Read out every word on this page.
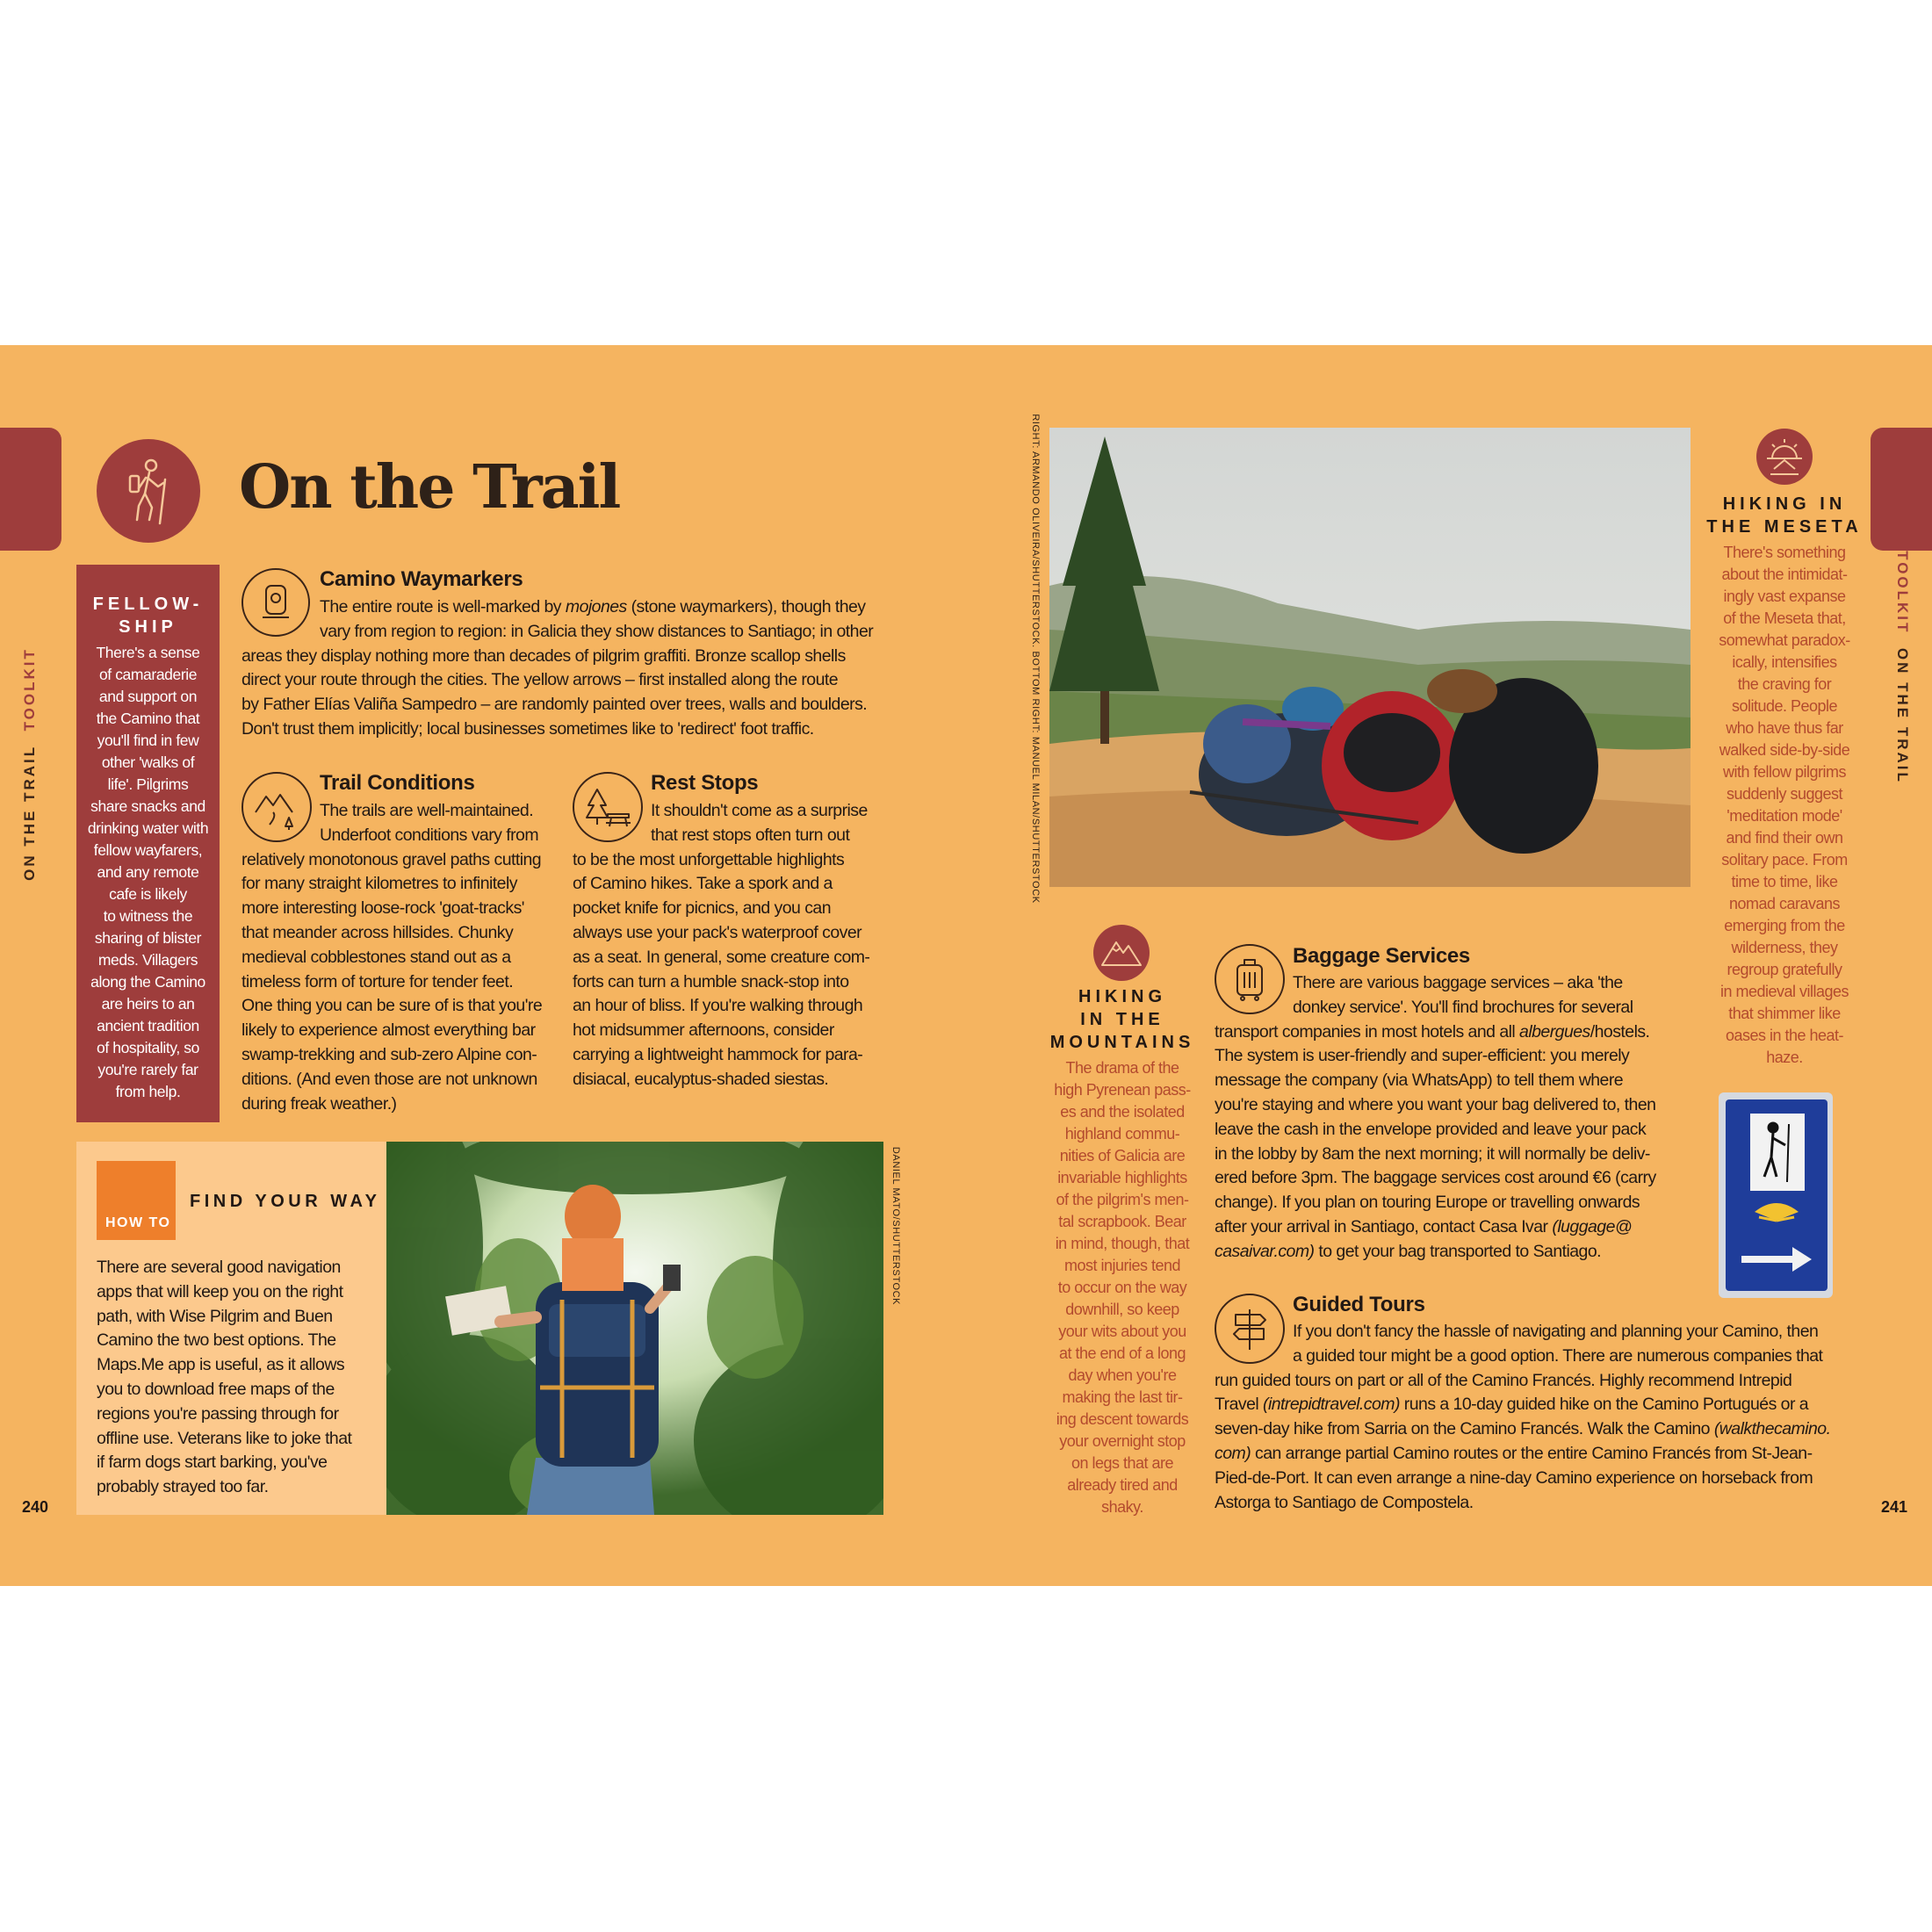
ON THE TRAIL  TOOLKIT
TOOLKIT  ON THE TRAIL
On the Trail
FELLOW-
SHIP
There's a sense
of camaraderie
and support on
the Camino that
you'll find in few
other 'walks of
life'. Pilgrims
share snacks and
drinking water with
fellow wayfarers,
and any remote
cafe is likely
to witness the
sharing of blister
meds. Villagers
along the Camino
are heirs to an
ancient tradition
of hospitality, so
you're rarely far
from help.
Camino Waymarkers
The entire route is well-marked by mojones (stone waymarkers), though they
vary from region to region: in Galicia they show distances to Santiago; in other
areas they display nothing more than decades of pilgrim graffiti. Bronze scallop shells
direct your route through the cities. The yellow arrows – first installed along the route
by Father Elías Valiña Sampedro – are randomly painted over trees, walls and boulders.
Don't trust them implicitly; local businesses sometimes like to 'redirect' foot traffic.
Trail Conditions
The trails are well-maintained.
Underfoot conditions vary from
relatively monotonous gravel paths cutting
for many straight kilometres to infinitely
more interesting loose-rock 'goat-tracks'
that meander across hillsides. Chunky
medieval cobblestones stand out as a
timeless form of torture for tender feet.
One thing you can be sure of is that you're
likely to experience almost everything bar
swamp-trekking and sub-zero Alpine con-
ditions. (And even those are not unknown
during freak weather.)
Rest Stops
It shouldn't come as a surprise
that rest stops often turn out
to be the most unforgettable highlights
of Camino hikes. Take a spork and a
pocket knife for picnics, and you can
always use your pack's waterproof cover
as a seat. In general, some creature com-
forts can turn a humble snack-stop into
an hour of bliss. If you're walking through
hot midsummer afternoons, consider
carrying a lightweight hammock for para-
disiacal, eucalyptus-shaded siestas.
HOW TO
FIND YOUR WAY
There are several good navigation
apps that will keep you on the right
path, with Wise Pilgrim and Buen
Camino the two best options. The
Maps.Me app is useful, as it allows
you to download free maps of the
regions you're passing through for
offline use. Veterans like to joke that
if farm dogs start barking, you've
probably strayed too far.
DANIEL MATO/SHUTTERSTOCK
240
RIGHT: ARMANDO OLIVEIRA/SHUTTERSTOCK. BOTTOM RIGHT: MANUEL MILAN/SHUTTERSTOCK	HIKING IN
THE MESETA
There's something
about the intimidat-
ingly vast expanse
of the Meseta that,
somewhat paradox-
ically, intensifies
the craving for
solitude. People
who have thus far
walked side-by-side
with fellow pilgrims
suddenly suggest
'meditation mode'
and find their own
solitary pace. From
time to time, like
nomad caravans
emerging from the
wilderness, they
regroup gratefully
in medieval villages
that shimmer like
oases in the heat-
haze.
HIKING
IN THE
MOUNTAINS
The drama of the
high Pyrenean pass-
es and the isolated
highland commu-
nities of Galicia are
invariable highlights
of the pilgrim's men-
tal scrapbook. Bear
in mind, though, that
most injuries tend
to occur on the way
downhill, so keep
your wits about you
at the end of a long
day when you're
making the last tir-
ing descent towards
your overnight stop
on legs that are
already tired and
shaky.
Baggage Services
There are various baggage services – aka 'the
donkey service'. You'll find brochures for several
transport companies in most hotels and all albergues/hostels.
The system is user-friendly and super-efficient: you merely
message the company (via WhatsApp) to tell them where
you're staying and where you want your bag delivered to, then
leave the cash in the envelope provided and leave your pack
in the lobby by 8am the next morning; it will normally be deliv-
ered before 3pm. The baggage services cost around €6 (carry
change). If you plan on touring Europe or travelling onwards
after your arrival in Santiago, contact Casa Ivar (luggage@
casaivar.com) to get your bag transported to Santiago.
Guided Tours
If you don't fancy the hassle of navigating and planning your Camino, then
a guided tour might be a good option. There are numerous companies that
run guided tours on part or all of the Camino Francés. Highly recommend Intrepid
Travel (intrepidtravel.com) runs a 10-day guided hike on the Camino Portugués or a
seven-day hike from Sarria on the Camino Francés. Walk the Camino (walkthecamino.
com) can arrange partial Camino routes or the entire Camino Francés from St-Jean-
Pied-de-Port. It can even arrange a nine-day Camino experience on horseback from
Astorga to Santiago de Compostela.	241
